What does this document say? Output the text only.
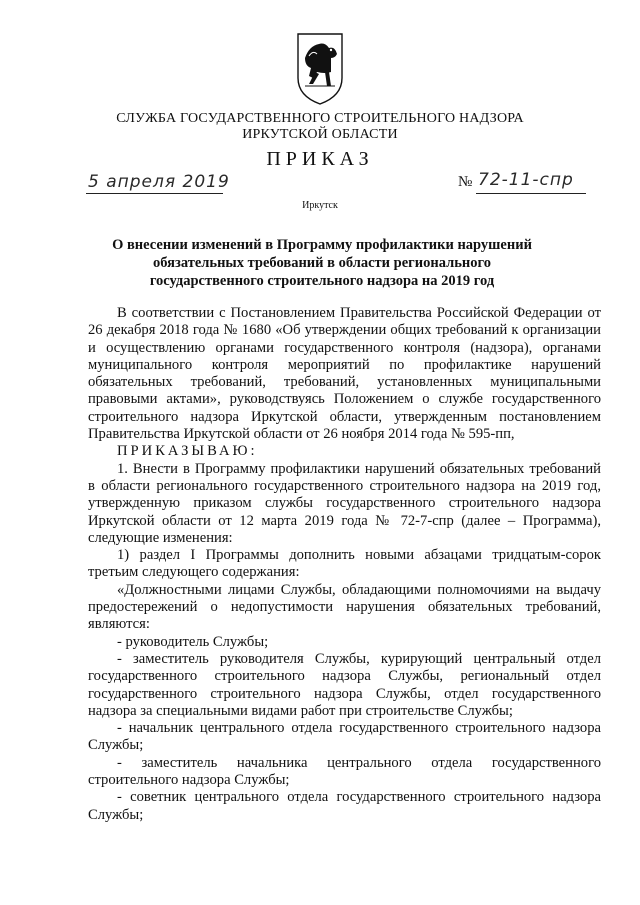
СЛУЖБА ГОСУДАРСТВЕННОГО СТРОИТЕЛЬНОГО НАДЗОРА
ИРКУТСКОЙ ОБЛАСТИ
ПРИКАЗ
5 апреля 2019	№ 72-11-спр
Иркутск
О внесении изменений в Программу профилактики нарушений обязательных требований в области регионального государственного строительного надзора на 2019 год

В соответствии с Постановлением Правительства Российской Федерации от 26 декабря 2018 года № 1680 «Об утверждении общих требований к организации и осуществлению органами государственного контроля (надзора), органами муниципального контроля мероприятий по профилактике нарушений обязательных требований, требований, установленных муниципальными правовыми актами», руководствуясь Положением о службе государственного строительного надзора Иркутской области, утвержденным постановлением Правительства Иркутской области от 26 ноября 2014 года № 595-пп,

ПРИКАЗЫВАЮ:

1. Внести в Программу профилактики нарушений обязательных требований в области регионального государственного строительного надзора на 2019 год, утвержденную приказом службы государственного строительного надзора Иркутской области от 12 марта 2019 года № 72-7-спр (далее – Программа), следующие изменения:

1) раздел I Программы дополнить новыми абзацами тридцатым-сорок третьим следующего содержания:

«Должностными лицами Службы, обладающими полномочиями на выдачу предостережений о недопустимости нарушения обязательных требований, являются:

- руководитель Службы;

- заместитель руководителя Службы, курирующий центральный отдел государственного строительного надзора Службы, региональный отдел государственного строительного надзора Службы, отдел государственного надзора за специальными видами работ при строительстве Службы;

- начальник центрального отдела государственного строительного надзора Службы;

- заместитель начальника центрального отдела государственного строительного надзора Службы;

- советник центрального отдела государственного строительного надзора Службы;
